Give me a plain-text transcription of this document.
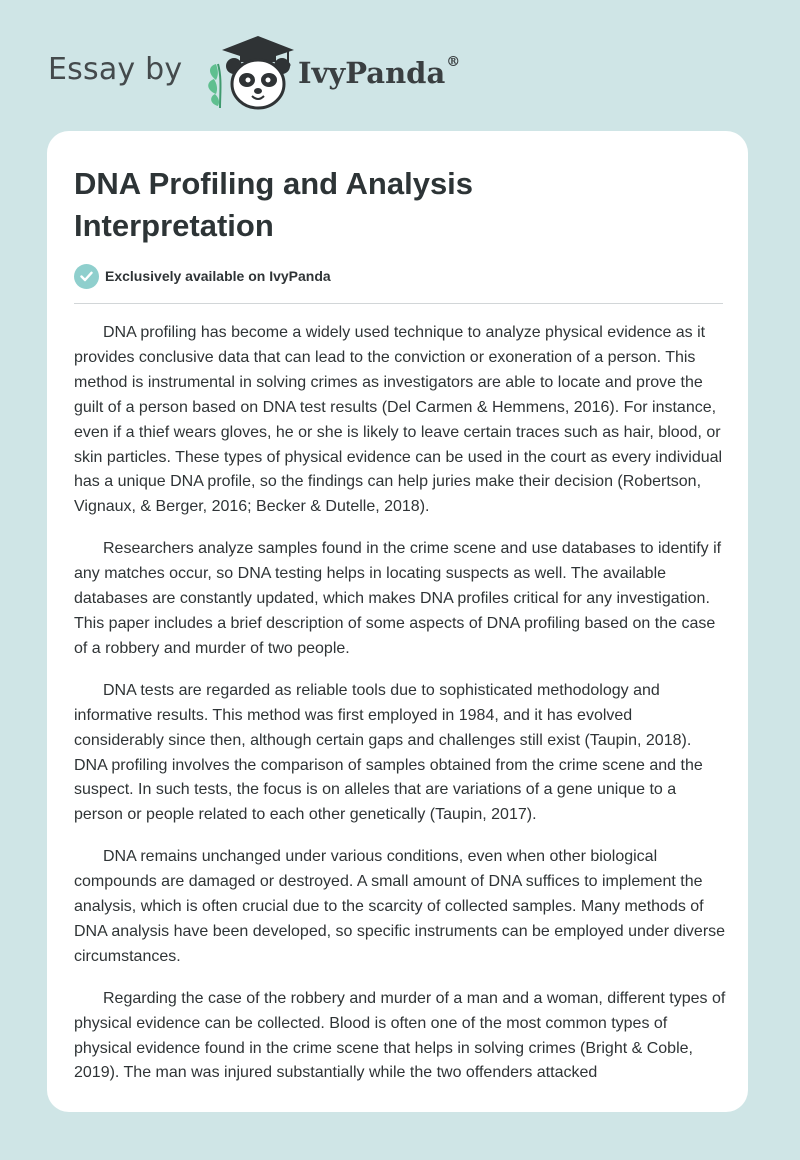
Essay by	IvyPanda®
DNA Profiling and Analysis Interpretation
Exclusively available on IvyPanda

DNA profiling has become a widely used technique to analyze physical evidence as it provides conclusive data that can lead to the conviction or exoneration of a person. This method is instrumental in solving crimes as investigators are able to locate and prove the guilt of a person based on DNA test results (Del Carmen & Hemmens, 2016). For instance, even if a thief wears gloves, he or she is likely to leave certain traces such as hair, blood, or skin particles. These types of physical evidence can be used in the court as every individual has a unique DNA profile, so the findings can help juries make their decision (Robertson, Vignaux, & Berger, 2016; Becker & Dutelle, 2018).

Researchers analyze samples found in the crime scene and use databases to identify if any matches occur, so DNA testing helps in locating suspects as well. The available databases are constantly updated, which makes DNA profiles critical for any investigation. This paper includes a brief description of some aspects of DNA profiling based on the case of a robbery and murder of two people.

DNA tests are regarded as reliable tools due to sophisticated methodology and informative results. This method was first employed in 1984, and it has evolved considerably since then, although certain gaps and challenges still exist (Taupin, 2018). DNA profiling involves the comparison of samples obtained from the crime scene and the suspect. In such tests, the focus is on alleles that are variations of a gene unique to a person or people related to each other genetically (Taupin, 2017).

DNA remains unchanged under various conditions, even when other biological compounds are damaged or destroyed. A small amount of DNA suffices to implement the analysis, which is often crucial due to the scarcity of collected samples. Many methods of DNA analysis have been developed, so specific instruments can be employed under diverse circumstances.

Regarding the case of the robbery and murder of a man and a woman, different types of physical evidence can be collected. Blood is often one of the most common types of physical evidence found in the crime scene that helps in solving crimes (Bright & Coble, 2019). The man was injured substantially while the two offenders attacked
